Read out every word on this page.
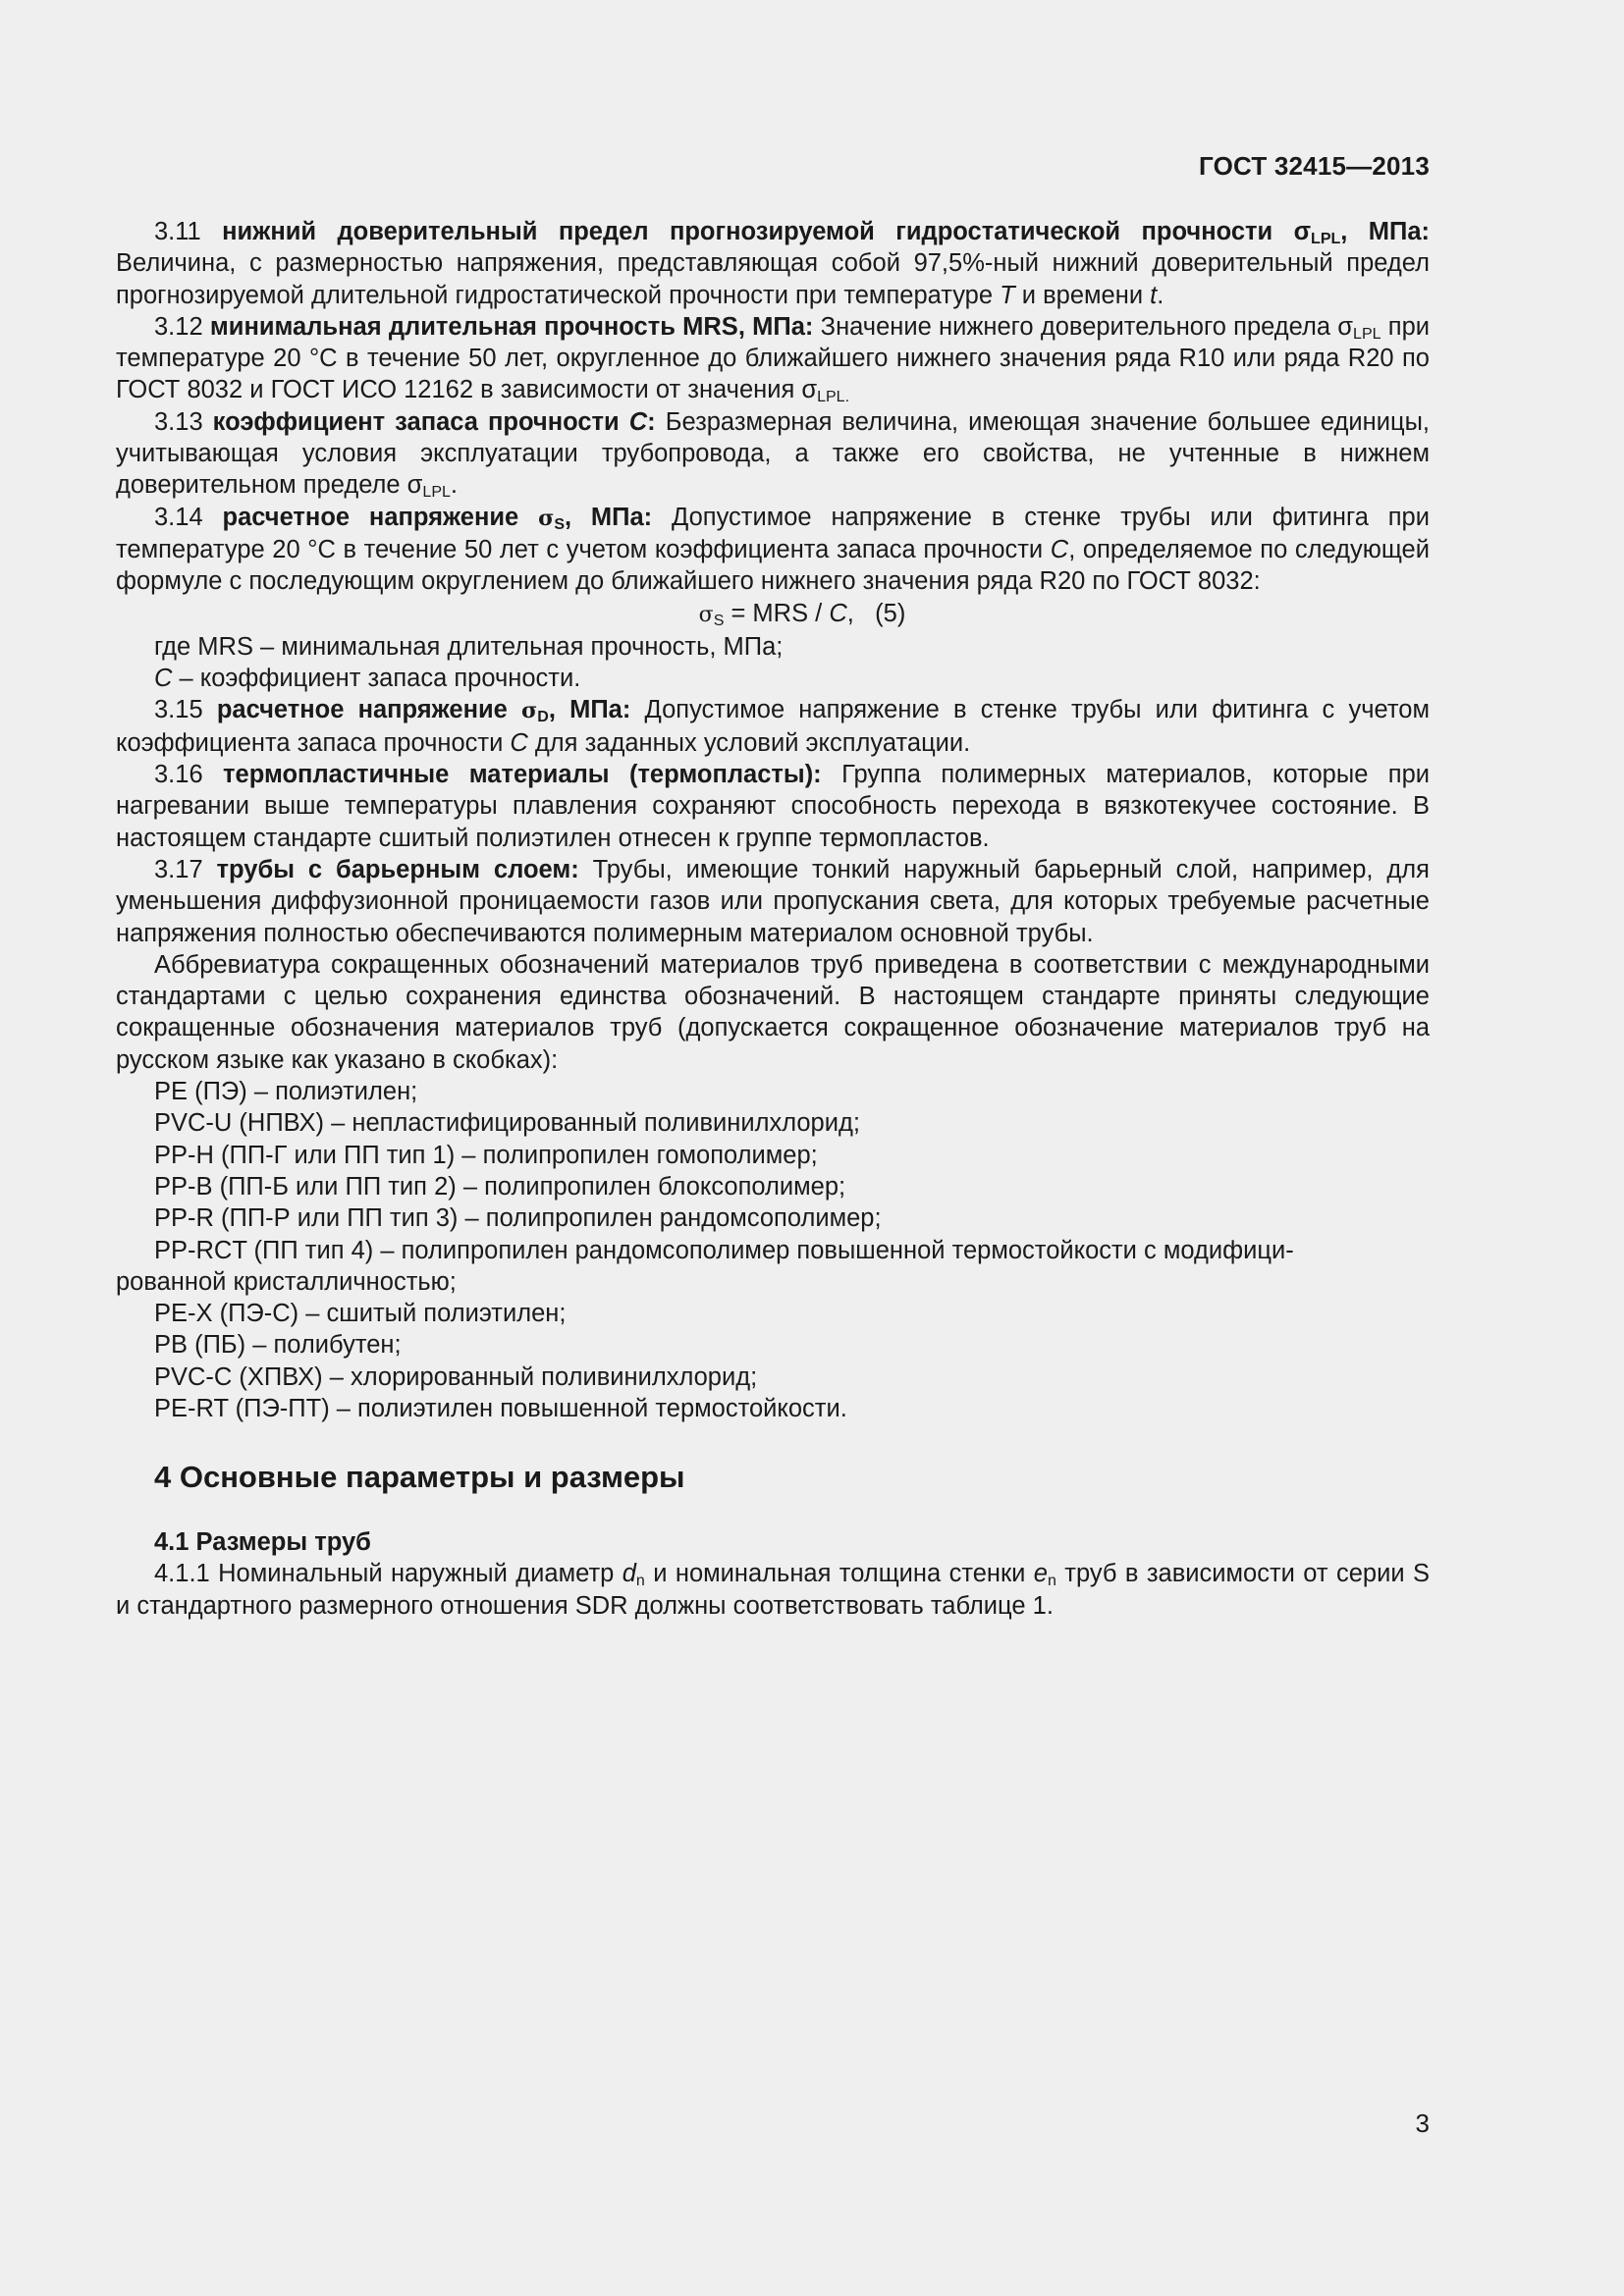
ГОСТ 32415—2013

3.11 нижний доверительный предел прогнозируемой гидростатической прочности $\sigma_{LPL}$, МПа: Величина, с размерностью напряжения, представляющая собой 97,5%-ный нижний доверительный предел прогнозируемой длительной гидростатической прочности при температуре T и времени t.

3.12 минимальная длительная прочность MRS, МПа: Значение нижнего доверительного предела $\sigma_{LPL}$ при температуре 20 °С в течение 50 лет, округленное до ближайшего нижнего значения ряда R10 или ряда R20 по ГОСТ 8032 и ГОСТ ИСО 12162 в зависимости от значения $\sigma_{LPL.}$

3.13 коэффициент запаса прочности C: Безразмерная величина, имеющая значение большее единицы, учитывающая условия эксплуатации трубопровода, а также его свойства, не учтенные в нижнем доверительном пределе $\sigma_{LPL}$.

3.14 расчетное напряжение $\sigma_S$, МПа: Допустимое напряжение в стенке трубы или фитинга при температуре 20 °С в течение 50 лет с учетом коэффициента запаса прочности C, определяемое по следующей формуле с последующим округлением до ближайшего нижнего значения ряда R20 по ГОСТ 8032:

$\sigma_S$ = MRS / C, (5)

где MRS – минимальная длительная прочность, МПа;

C – коэффициент запаса прочности.

3.15 расчетное напряжение $\sigma_D$, МПа: Допустимое напряжение в стенке трубы или фитинга с учетом коэффициента запаса прочности C для заданных условий эксплуатации.

3.16 термопластичные материалы (термопласты): Группа полимерных материалов, которые при нагревании выше температуры плавления сохраняют способность перехода в вязкотекучее состояние. В настоящем стандарте сшитый полиэтилен отнесен к группе термопластов.

3.17 трубы с барьерным слоем: Трубы, имеющие тонкий наружный барьерный слой, например, для уменьшения диффузионной проницаемости газов или пропускания света, для которых требуемые расчетные напряжения полностью обеспечиваются полимерным материалом основной трубы.

Аббревиатура сокращенных обозначений материалов труб приведена в соответствии с международными стандартами с целью сохранения единства обозначений. В настоящем стандарте приняты следующие сокращенные обозначения материалов труб (допускается сокращенное обозначение материалов труб на русском языке как указано в скобках):

PE (ПЭ) – полиэтилен;

PVC-U (НПВХ) – непластифицированный поливинилхлорид;

PP-H (ПП-Г или ПП тип 1) – полипропилен гомополимер;

PP-B (ПП-Б или ПП тип 2) – полипропилен блоксополимер;

PP-R (ПП-Р или ПП тип 3) – полипропилен рандомсополимер;

PP-RCT (ПП тип 4) – полипропилен рандомсополимер повышенной термостойкости с модифици-

рованной кристалличностью;

PE-X (ПЭ-С) – сшитый полиэтилен;

PB (ПБ) – полибутен;

PVC-C (ХПВХ) – хлорированный поливинилхлорид;

PE-RT (ПЭ-ПТ) – полиэтилен повышенной термостойкости.

4 Основные параметры и размеры
4.1 Размеры труб

4.1.1 Номинальный наружный диаметр $d_n$ и номинальная толщина стенки $e_n$ труб в зависимости от серии S и стандартного размерного отношения SDR должны соответствовать таблице 1.

3
